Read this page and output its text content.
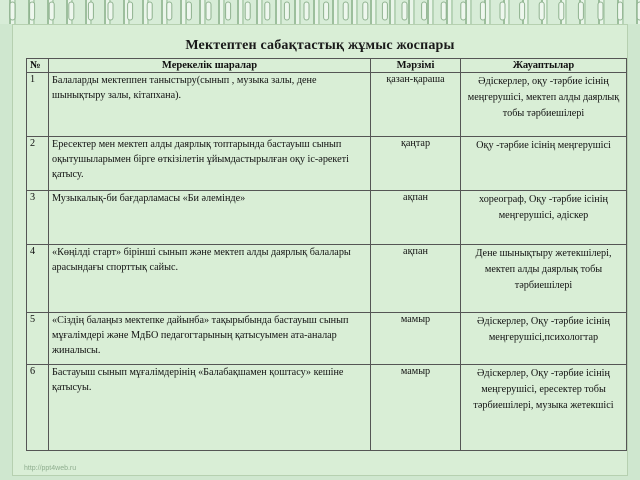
Мектептен сабақтастық жұмыс жоспары
№	Мерекелік шаралар	Мәрзімі	Жауаптылар
1	Балаларды мектеппен таныстыру(сынып , музыка залы, дене шынықтыру залы, кітапхана).	қазан-қараша	Әдіскерлер, оқу -тәрбие ісінің меңгерушісі, мектеп алды даярлық тобы тәрбиешілері
2	Ересектер мен мектеп алды даярлық топтарында бастауыш сынып оқытушыларымен бірге өткізілетін ұйымдастырылған оқу іс-әрекеті қатысу.	қаңтар	Оқу -тәрбие ісінің меңгерушісі
3	Музыкалық-би бағдарламасы «Би әлемінде»	ақпан	хореограф, Оқу -тәрбие ісінің меңгерушісі, әдіскер
4	«Көңілді старт» бірінші сынып және мектеп алды даярлық балалары арасындағы спорттық сайыс.	ақпан	Дене шынықтыру жетекшілері, мектеп алды даярлық тобы тәрбиешілері
5	«Сіздің балаңыз мектепке дайынба» тақырыбында бастауыш сынып мұғалімдері және МдБО педагогтарының қатысуымен ата-аналар жиналысы.	мамыр	Әдіскерлер, Оқу -тәрбие ісінің меңгерушісі,психологтар
6	Бастауыш сынып мұғалімдерінің «Балабақшамен қоштасу» кешіне қатысуы.	мамыр	Әдіскерлер, Оқу -тәрбие ісінің меңгерушісі, ересектер тобы тәрбиешілері, музыка жетекшісі
http://ppt4web.ru
